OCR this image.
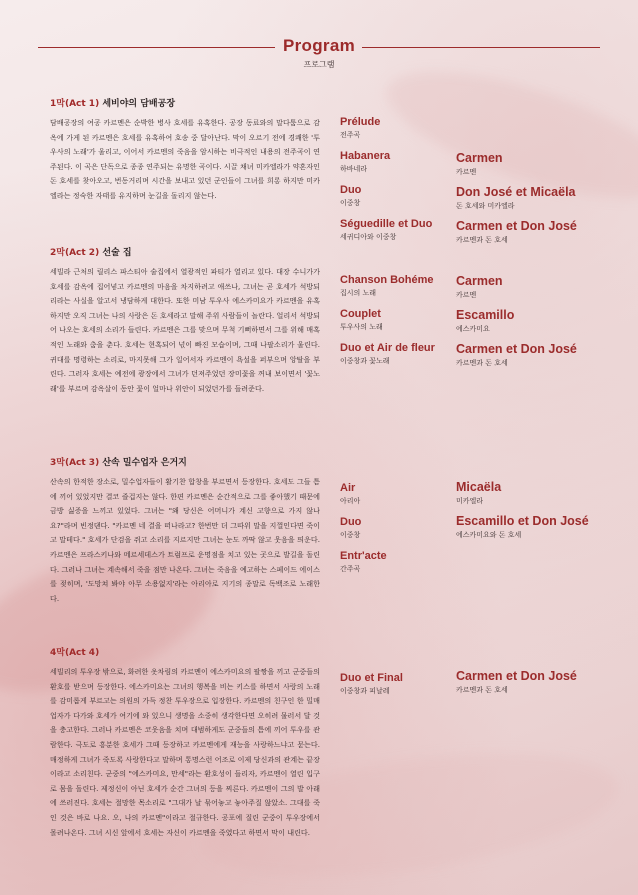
Program
프로그램
1막(Act 1) 세비야의 담배공장

담배공장의 여공 카르멘은 순박한 병사 호세를 유혹한다. 공장 동료와의 말다툼으로 감옥에 가게 된 카르멘은 호세를 유혹하여 호송 중 달아난다. 막이 오르기 전에 경쾌한 '투우사의 노래'가 울리고, 이어서 카르멘의 죽음을 암시하는 비극적인 내용의 전주곡이 연주된다. 이 곡은 단독으로 종종 연주되는 유명한 곡이다. 시끌 채녀 미카엘라가 약혼자인 돈 호세를 찾아오고, 번동거리며 시간을 보내고 있던 군인들이 그녀를 희롱 하지만 미카엘라는 정숙한 자태를 유지하며 눈길을 돌리지 않는다.

2막(Act 2) 선술 집

세빌라 근처의 릴리스 파스티아 술집에서 열광적인 파티가 열리고 있다. 대장 수니가가 호세를 감옥에 집어넣고 카르멘의 마음을 차지하려고 애쓰나, 그녀는 곧 호세가 석방되리라는 사실을 알고서 냉담하게 대한다. 또한 미남 투우사 에스카미요가 카르멘을 유혹하지만 오직 그녀는 나의 사랑은 돈 호세라고 말해 주위 사람들이 놀란다. 얼리서 석방되어 나오는 호세의 소리가 들린다. 카르멘은 그를 맞으며 무척 기뻐하면서 그를 위해 매혹적인 노래와 춤을 춘다. 호세는 현혹되어 넋이 빠진 모습이며, 그때 나팔소리가 울린다. 귀대를 명령하는 소리로, 마지못해 그가 일어서자 카르멘이 욕설을 퍼부으며 앙탈을 부린다. 그러자 호세는 예전에 광장에서 그녀가 던져주었던 장미꽃을 꺼내 보이면서 '꽃노래'를 부르며 감옥살이 동안 꽃이 얼마나 위안이 되었던가를 들려준다.

3막(Act 3) 산속 밀수업자 은거지

산속의 한적한 장소로, 밀수업자들이 활기찬 합창을 부르면서 등장한다. 호세도 그들 틈에 끼어 있었지만 결코 즐겁지는 않다. 한편 카르멘은 순간적으로 그를 좋아했기 때문에 금방 싫증을 느끼고 있었다. 그녀는 "왜 당신은 어머니가 계신 고향으로 가지 않나요?"라며 빈정댄다. "카르멘 네 결을 떠나라고? 한번만 더 그따위 말을 지껄인다면 죽이고 말테다." 호세가 단검을 쥐고 소리를 지르지만 그녀는 눈도 까딱 않고 웃음을 띄운다. 카르멘은 프라스키나와 메르세데스가 트럼프로 운명점을 치고 있는 곳으로 발길을 돌린다. 그러나 그녀는 계속해서 죽을 점만 나온다. 그녀는 죽음을 예고하는 스페이드 에이스를 젖히며, '도망쳐 봐야 아무 소용없지'라는 아리아로 지기의 종말로 독백조로 노래한다.

4막(Act 4)

세빌리의 투우장 밖으로, 화려한 옷차림의 카르멘이 에스카미요의 팔짱을 끼고 군중들의 환호를 받으며 등장한다. 에스카미요는 그녀의 행복을 비는 키스를 하면서 사랑의 노래를 감미롭게 부르고는 의원의 가득 정찬 투우장으로 입장한다. 카르멘의 친구인 한 밀매업자가 다가와 호세가 여기에 와 있으니 생명을 소중히 생각한다면 오히려 물러서 달 것을 충고한다. 그러나 카르멘은 코웃음을 치며 대범하게도 군중들의 틈에 끼어 투우를 관람한다. 극도로 흥분한 호세가 그때 등장하고 카르멘에게 재능을 사랑하느냐고 묻는다. 매정하게 그녀가 죽도록 사랑한다고 말하며 통명스런 어조로 이제 당신과의 관계는 끝장이라고 소리친다. 군중의 "에스카미요, 만세"라는 환호성이 들리자, 카르멘이 열린 입구로 몸을 돌린다. 제정신이 아닌 호세가 순간 그녀의 등을 찌른다. 카르멘이 그의 발 아래에 쓰러진다. 호세는 절망한 목소리로 "그대가 날 묶어놓고 놓아주질 않았소. 그대를 죽인 것은 바로 나요. 오, 나의 카르멘"이라고 절규한다. 공포에 질린 군중이 투우장에서 몰려나온다. 그녀 시신 앞에서 호세는 자신이 카르멘을 죽였다고 하면서 막이 내린다.

Prélude
전주곡
Habanera
하바네라
Duo
이중창
Séguedille et Duo
세귀디아와 이중창
Carmen
카르멘
Don José et Micaëla
돈 호세와 미카엘라
Carmen et Don José
카르멘과 돈 호세
Chanson Bohéme
집시의 노래
Couplet
투우사의 노래
Duo et Air de fleur
이중창과 꽃노래
Carmen
카르멘
Escamillo
에스카미요
Carmen et Don José
카르멘과 돈 호세
Air
아리아
Duo
이중창
Entr'acte
간주곡
Micaëla
미카엘라
Escamillo et Don José
에스카미요와 돈 호세
Duo et Final
이중창과 피날레
Carmen et Don José
카르멘과 돈 호세
